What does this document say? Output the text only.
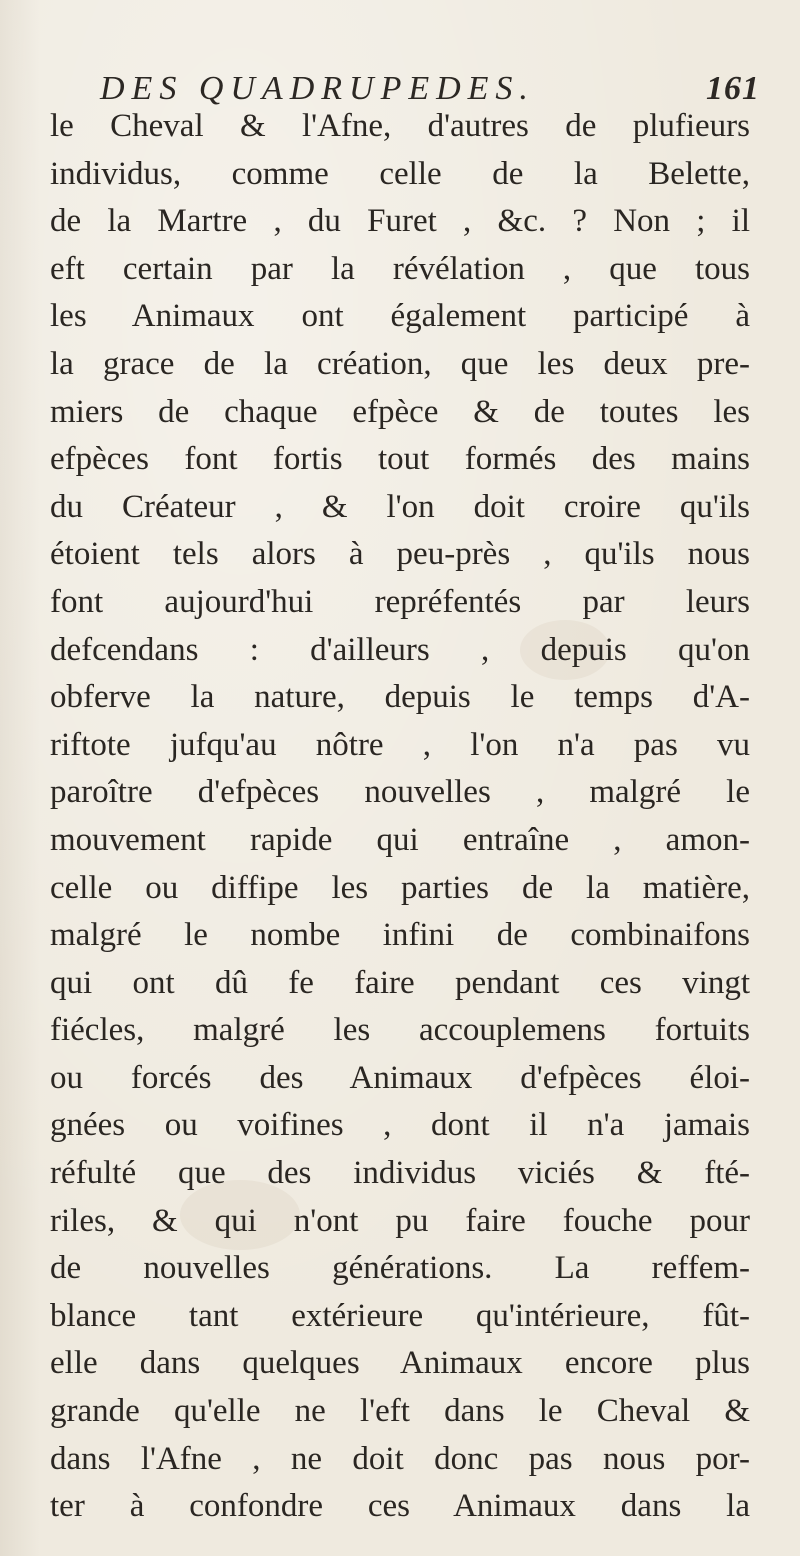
DES QUADRUPEDES.	161
le Cheval & l'Afne, d'autres de plufieurs
individus, comme celle de la Belette,
de la Martre , du Furet , &c. ? Non ; il
eft certain par la révélation , que tous
les Animaux ont également participé à
la grace de la création, que les deux pre-
miers de chaque efpèce & de toutes les
efpèces font fortis tout formés des mains
du Créateur , & l'on doit croire qu'ils
étoient tels alors à peu-près , qu'ils nous
font aujourd'hui repréfentés par leurs
defcendans : d'ailleurs , depuis qu'on
obferve la nature, depuis le temps d'A-
riftote jufqu'au nôtre , l'on n'a pas vu
paroître d'efpèces nouvelles , malgré le
mouvement rapide qui entraîne , amon-
celle ou diffipe les parties de la matière,
malgré le nombe infini de combinaifons
qui ont dû fe faire pendant ces vingt
fiécles, malgré les accouplemens fortuits
ou forcés des Animaux d'efpèces éloi-
gnées ou voifines , dont il n'a jamais
réfulté que des individus viciés & fté-
riles, & qui n'ont pu faire fouche pour
de nouvelles générations. La reffem-
blance tant extérieure qu'intérieure, fût-
elle dans quelques Animaux encore plus
grande qu'elle ne l'eft dans le Cheval &
dans l'Afne , ne doit donc pas nous por-
ter à confondre ces Animaux dans la
